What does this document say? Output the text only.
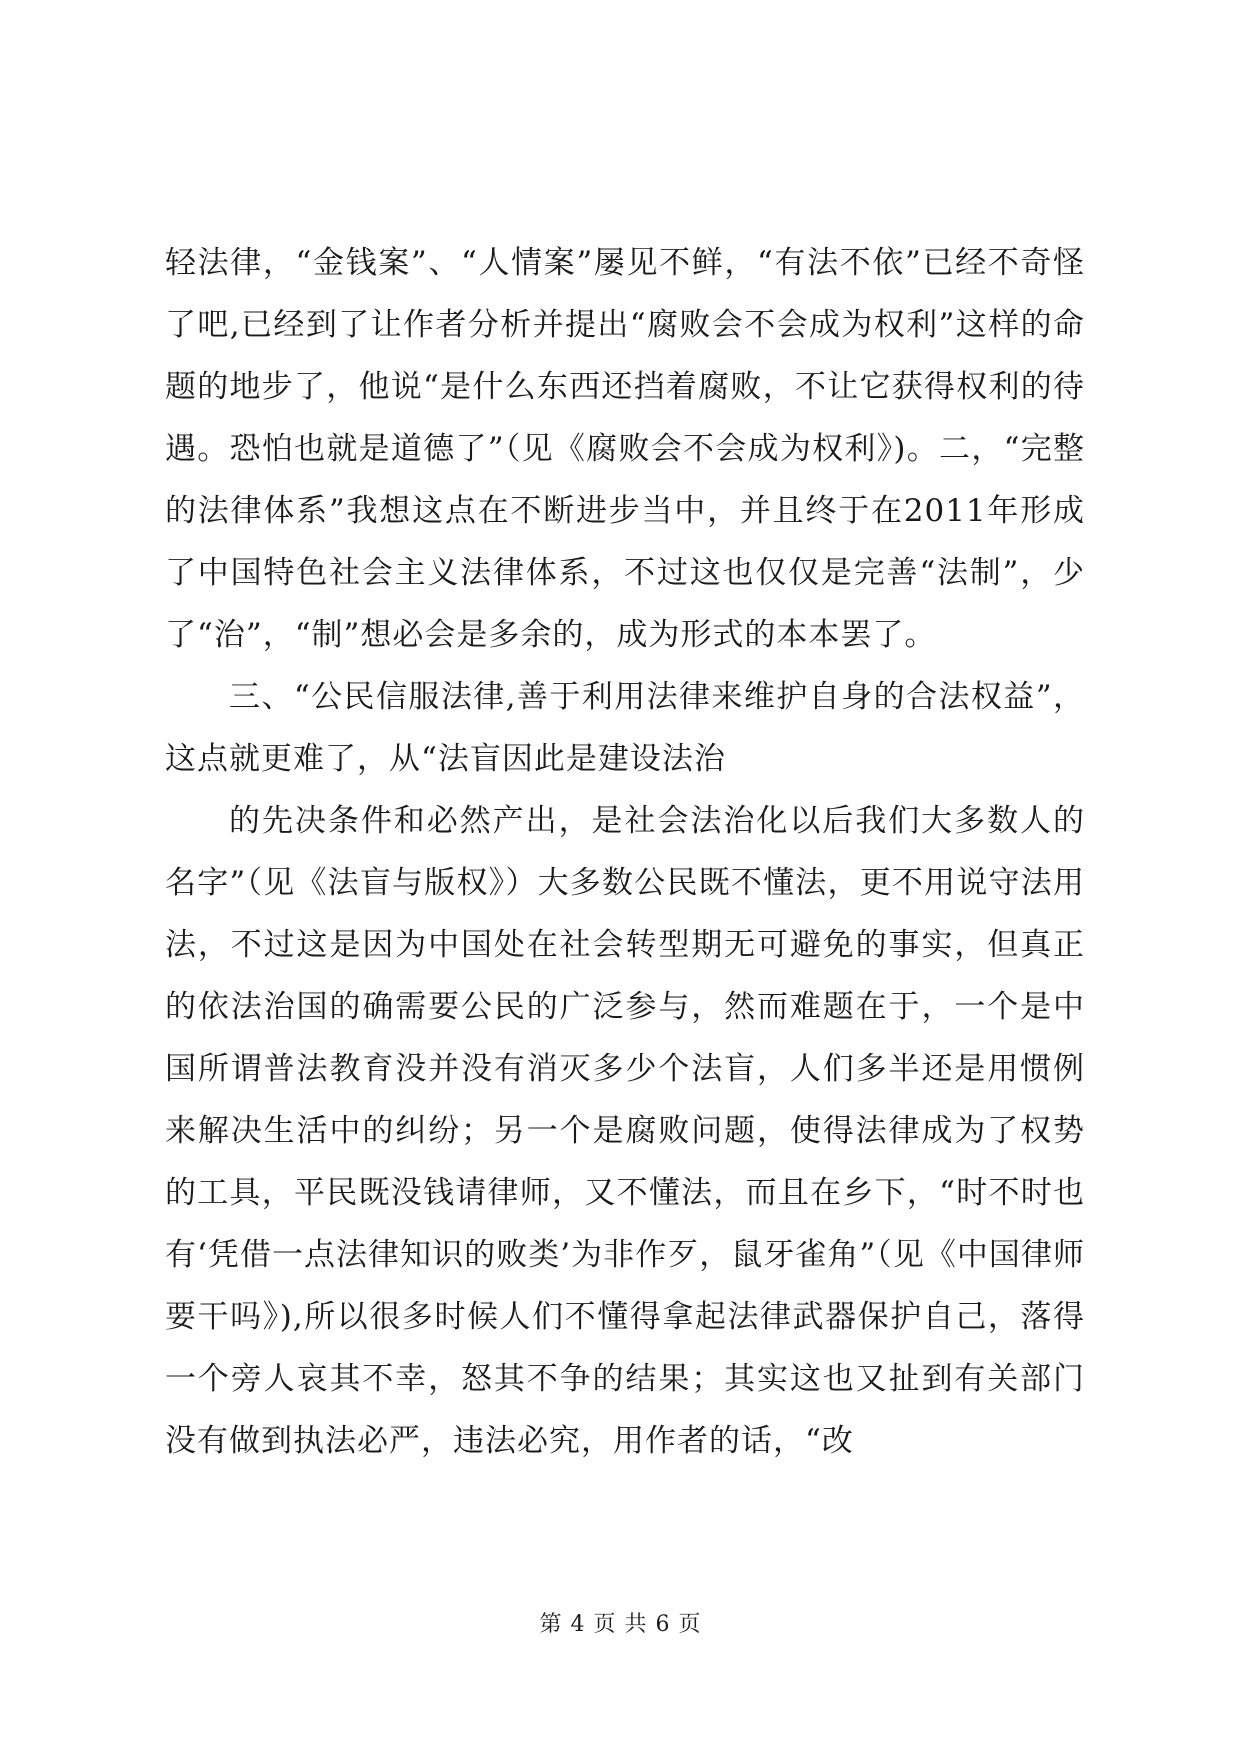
轻法律，“金钱案”、“人情案”屡见不鲜，“有法不依”已经不奇怪了吧,已经到了让作者分析并提出“腐败会不会成为权利”这样的命题的地步了，他说“是什么东西还挡着腐败，不让它获得权利的待遇。恐怕也就是道德了”（见《腐败会不会成为权利》)。二，“完整的法律体系”我想这点在不断进步当中，并且终于在2011年形成了中国特色社会主义法律体系，不过这也仅仅是完善“法制”，少了“治”，“制”想必会是多余的，成为形式的本本罢了。

三、“公民信服法律,善于利用法律来维护自身的合法权益”，这点就更难了，从“法盲因此是建设法治

的先决条件和必然产出，是社会法治化以后我们大多数人的名字”（见《法盲与版权》）大多数公民既不懂法，更不用说守法用法，不过这是因为中国处在社会转型期无可避免的事实，但真正的依法治国的确需要公民的广泛参与，然而难题在于，一个是中国所谓普法教育没并没有消灭多少个法盲，人们多半还是用惯例来解决生活中的纠纷；另一个是腐败问题，使得法律成为了权势的工具，平民既没钱请律师，又不懂法，而且在乡下，“时不时也有‘凭借一点法律知识的败类’为非作歹，鼠牙雀角”（见《中国律师要干吗》),所以很多时候人们不懂得拿起法律武器保护自己，落得一个旁人哀其不幸，怒其不争的结果；其实这也又扯到有关部门没有做到执法必严，违法必究，用作者的话，“改

第 4 页 共 6 页
